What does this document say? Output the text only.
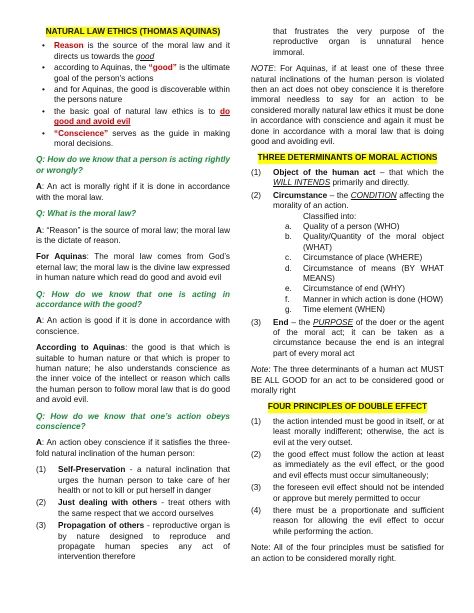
NATURAL LAW ETHICS (THOMAS AQUINAS)
• Reason is the source of the moral law and it directs us towards the good
• according to Aquinas, the “good” is the ultimate goal of the person's actions
• and for Aquinas, the good is discoverable within the persons nature
• the basic goal of natural law ethics is to do good and avoid evil
• “Conscience” serves as the guide in making moral decisions.

Q: How do we know that a person is acting rightly or wrongly?

A: An act is morally right if it is done in accordance with the moral law.

Q: What is the moral law?

A: “Reason” is the source of moral law; the moral law is the dictate of reason.

For Aquinas: The moral law comes from God’s eternal law; the moral law is the divine law expressed in human nature which read do good and avoid evil

Q: How do we know that one is acting in accordance with the good?

A: An action is good if it is done in accordance with conscience.

According to Aquinas: the good is that which is suitable to human nature or that which is proper to human nature; he also understands conscience as the inner voice of the intellect or reason which calls the human person to follow moral law that is do good and avoid evil.

Q: How do we know that one’s action obeys conscience?

A: An action obey conscience if it satisfies the three-fold natural inclination of the human person:

(1) Self-Preservation - a natural inclination that urges the human person to take care of her health or not to kill or put herself in danger
(2) Just dealing with others - treat others with the same respect that we accord ourselves
(3) Propagation of others - reproductive organ is by nature designed to reproduce and propagate human species any act of intervention therefore

that frustrates the very purpose of the reproductive organ is unnatural hence immoral.

NOTE: For Aquinas, if at least one of these three natural inclinations of the human person is violated then an act does not obey conscience it is therefore immoral needless to say for an action to be considered morally natural law ethics it must be done in accordance with conscience and again it must be done in accordance with a moral law that is doing good and avoiding evil.

THREE DETERMINANTS OF MORAL ACTIONS
(1) Object of the human act – that which the WILL INTENDS primarily and directly.
(2) Circumstance – the CONDITION affecting the morality of an action.
Classified into:
a. Quality of a person (WHO)
b. Quality/Quantity of the moral object (WHAT)
c. Circumstance of place (WHERE)
d. Circumstance of means (BY WHAT MEANS)
e. Circumstance of end (WHY)
f. Manner in which action is done (HOW)
g. Time element (WHEN)
(3) End – the PURPOSE of the doer or the agent of the moral act; it can be taken as a circumstance because the end is an integral part of every moral act

Note: The three determinants of a human act MUST BE ALL GOOD for an act to be considered good or morally right

FOUR PRINCIPLES OF DOUBLE EFFECT
(1) the action intended must be good in itself, or at least morally indifferent; otherwise, the act is evil at the very outset.
(2) the good effect must follow the action at least as immediately as the evil effect, or the good and evil effects must occur simultaneously;
(3) the foreseen evil effect should not be intended or approve but merely permitted to occur
(4) there must be a proportionate and sufficient reason for allowing the evil effect to occur while performing the action.

Note: All of the four principles must be satisfied for an action to be considered morally right.
